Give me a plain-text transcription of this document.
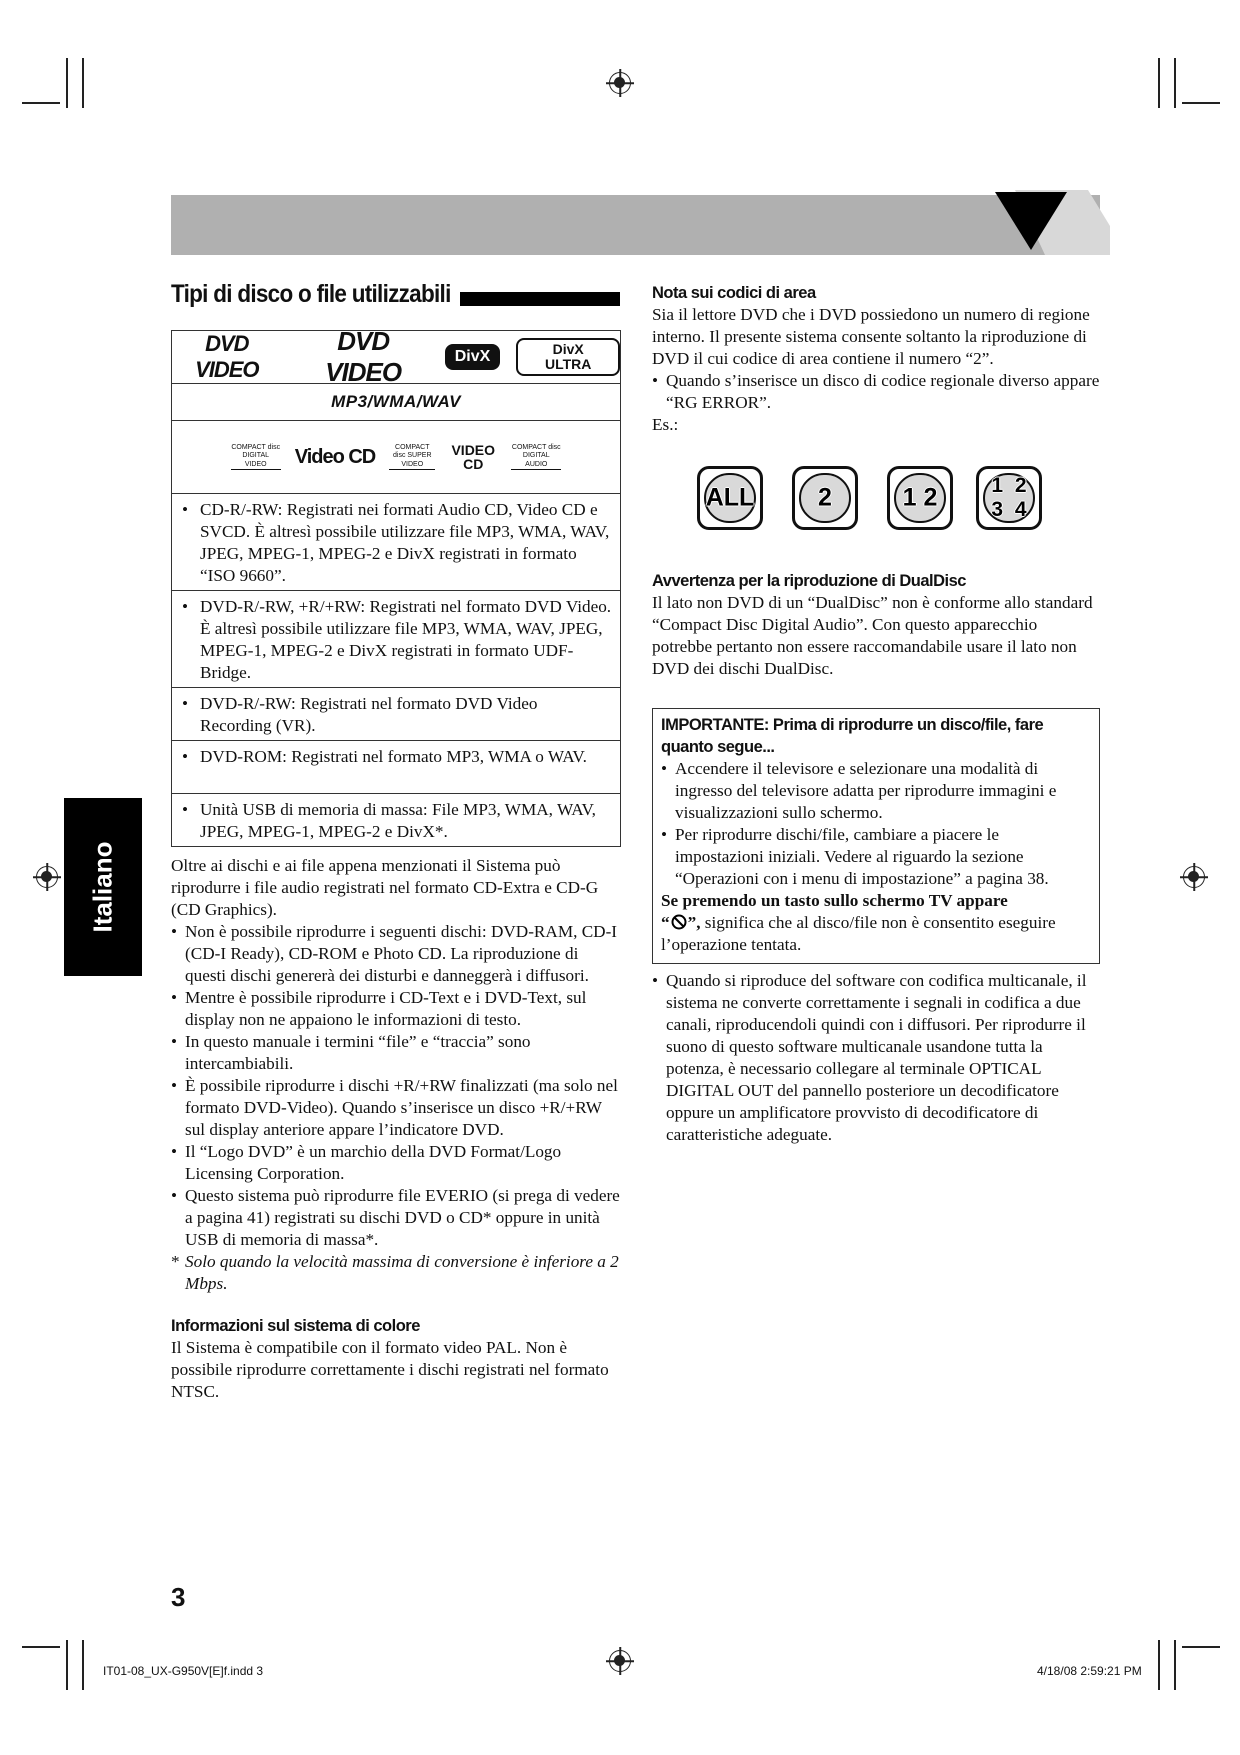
Tipi di disco o file utilizzabili
DVD VIDEO
DVD VIDEO
DivX	DivX ULTRA

MP3/WMA/WAV

COMPACT disc DIGITAL VIDEO	Video CD	COMPACT disc SUPER VIDEO
VIDEO CD
COMPACT disc DIGITAL AUDIO

• CD-R/-RW: Registrati nei formati Audio CD, Video CD e SVCD. È altresì possibile utilizzare file MP3, WMA, WAV, JPEG, MPEG-1, MPEG-2 e DivX registrati in formato “ISO 9660”.

• DVD-R/-RW, +R/+RW: Registrati nel formato DVD Video. È altresì possibile utilizzare file MP3, WMA, WAV, JPEG, MPEG-1, MPEG-2 e DivX registrati in formato UDF-Bridge.

• DVD-R/-RW: Registrati nel formato DVD Video Recording (VR).

• DVD-ROM: Registrati nel formato MP3, WMA o WAV.

• Unità USB di memoria di massa: File MP3, WMA, WAV, JPEG, MPEG-1, MPEG-2 e DivX*.
Oltre ai dischi e ai file appena menzionati il Sistema può riprodurre i file audio registrati nel formato CD-Extra e CD-G (CD Graphics).
• Non è possibile riprodurre i seguenti dischi: DVD-RAM, CD-I (CD-I Ready), CD-ROM e Photo CD. La riproduzione di questi dischi genererà dei disturbi e danneggerà i diffusori.
• Mentre è possibile riprodurre i CD-Text e i DVD-Text, sul display non ne appaiono le informazioni di testo.
• In questo manuale i termini “file” e “traccia” sono intercambiabili.
• È possibile riprodurre i dischi +R/+RW finalizzati (ma solo nel formato DVD-Video). Quando s’inserisce un disco +R/+RW sul display anteriore appare l’indicatore DVD.
• Il “Logo DVD” è un marchio della DVD Format/Logo Licensing Corporation.
• Questo sistema può riprodurre file EVERIO (si prega di vedere a pagina 41) registrati su dischi DVD o CD* oppure in unità USB di memoria di massa*.
* Solo quando la velocità massima di conversione è inferiore a 2 Mbps.
Informazioni sul sistema di colore
Il Sistema è compatibile con il formato video PAL. Non è possibile riprodurre correttamente i dischi registrati nel formato NTSC.
Italiano
Nota sui codici di area
Sia il lettore DVD che i DVD possiedono un numero di regione interno. Il presente sistema consente soltanto la riproduzione di DVD il cui codice di area contiene il numero “2”.
• Quando s’inserisce un disco di codice regionale diverso appare “RG ERROR”.
Es.:
ALL	2	1 2	1 2 3 4
Avvertenza per la riproduzione di DualDisc
Il lato non DVD di un “DualDisc” non è conforme allo standard “Compact Disc Digital Audio”. Con questo apparecchio potrebbe pertanto non essere raccomandabile usare il lato non DVD dei dischi DualDisc.
IMPORTANTE: Prima di riprodurre un disco/file, fare quanto segue...
• Accendere il televisore e selezionare una modalità di ingresso del televisore adatta per riprodurre immagini e visualizzazioni sullo schermo.
• Per riprodurre dischi/file, cambiare a piacere le impostazioni iniziali. Vedere al riguardo la sezione “Operazioni con i menu di impostazione” a pagina 38.
Se premendo un tasto sullo schermo TV appare
“ ”, significa che al disco/file non è consentito eseguire l’operazione tentata.
• Quando si riproduce del software con codifica multicanale, il sistema ne converte correttamente i segnali in codifica a due canali, riproducendoli quindi con i diffusori. Per riprodurre il suono di questo software multicanale usandone tutta la potenza, è necessario collegare al terminale OPTICAL DIGITAL OUT del pannello posteriore un decodificatore oppure un amplificatore provvisto di decodificatore di caratteristiche adeguate.
3
IT01-08_UX-G950V[E]f.indd 3	4/18/08 2:59:21 PM
